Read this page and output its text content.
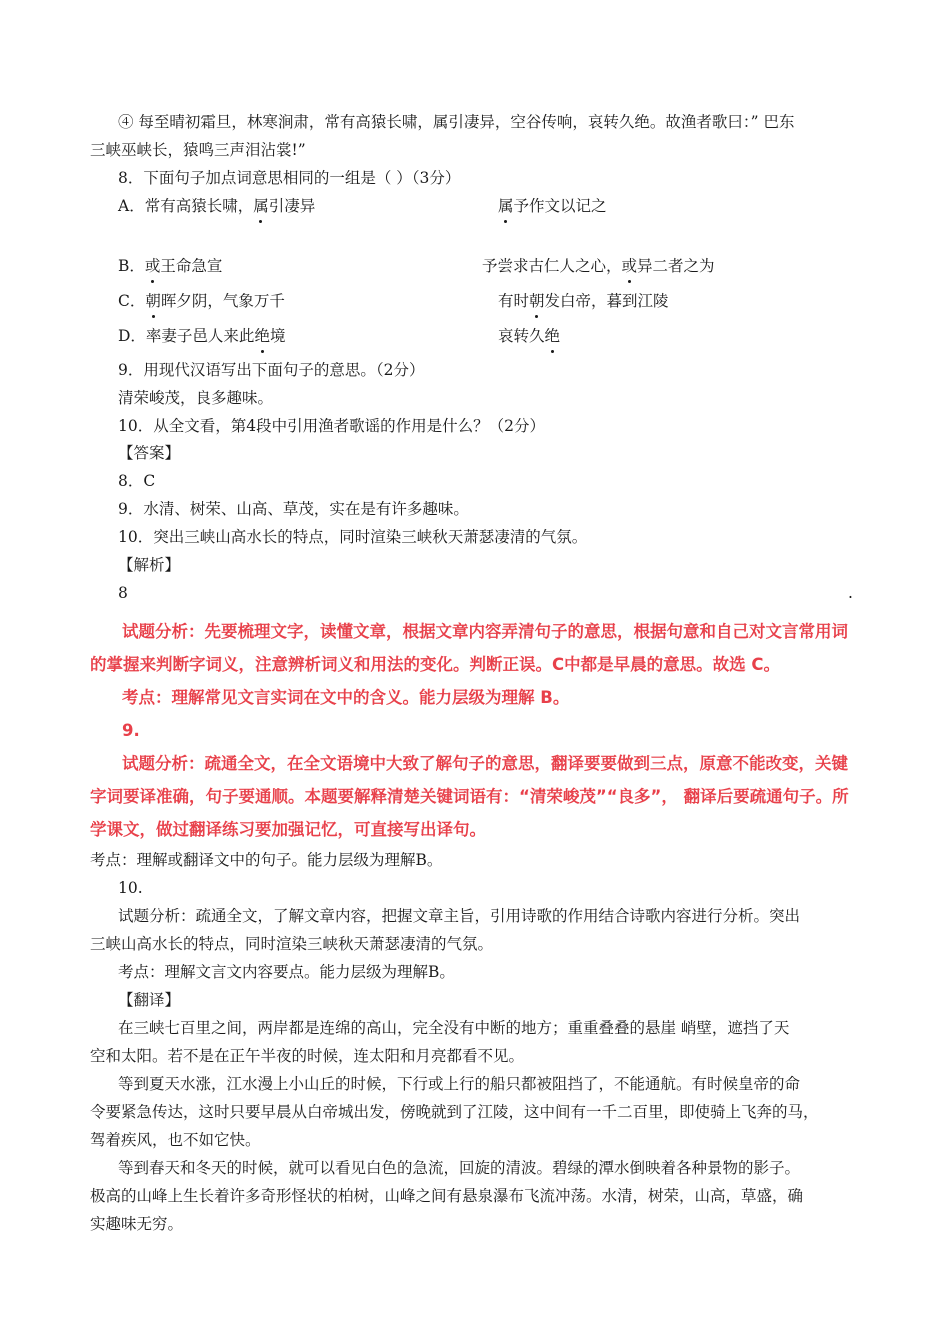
④ 每至晴初霜旦，林寒涧肃，常有高猿长啸，属引凄异，空谷传响，哀转久绝。故渔者歌曰：” 巴东
三峡巫峡长，猿鸣三声泪沾裳!”
8．下面句子加点词意思相同的一组是（ ）（3分）
A．常有高猿长啸，属引凄异	属予作文以记之
B．或王命急宣	予尝求古仁人之心，或异二者之为
C．朝晖夕阴，气象万千	有时朝发白帝，暮到江陵
D．率妻子邑人来此绝境	哀转久绝
9．用现代汉语写出下面句子的意思。（2分）
清荣峻茂，良多趣味。
10．从全文看，第4段中引用渔者歌谣的作用是什么？（2分）
【答案】
8．C
9．水清、树荣、山高、草茂，实在是有许多趣味。
10．突出三峡山高水长的特点，同时渲染三峡秋天萧瑟凄清的气氛。
【解析】
8	.
试题分析：先要梳理文字，读懂文章，根据文章内容弄清句子的意思，根据句意和自己对文言常用词
的掌握来判断字词义，注意辨析词义和用法的变化。判断正误。C中都是早晨的意思。故选 C。
考点：理解常见文言实词在文中的含义。能力层级为理解 B。
9.
试题分析：疏通全文，在全文语境中大致了解句子的意思，翻译要要做到三点，原意不能改变，关键
字词要译准确，句子要通顺。本题要解释清楚关键词语有：“清荣峻茂”“良多”， 翻译后要疏通句子。所
学课文，做过翻译练习要加强记忆，可直接写出译句。
考点：理解或翻译文中的句子。能力层级为理解B。
10.
试题分析：疏通全文，了解文章内容，把握文章主旨，引用诗歌的作用结合诗歌内容进行分析。突出
三峡山高水长的特点，同时渲染三峡秋天萧瑟凄清的气氛。
考点：理解文言文内容要点。能力层级为理解B。
【翻译】
在三峡七百里之间，两岸都是连绵的高山，完全没有中断的地方；重重叠叠的悬崖 峭壁，遮挡了天
空和太阳。若不是在正午半夜的时候，连太阳和月亮都看不见。
等到夏天水涨，江水漫上小山丘的时候，下行或上行的船只都被阻挡了，不能通航。有时候皇帝的命
令要紧急传达，这时只要早晨从白帝城出发，傍晚就到了江陵，这中间有一千二百里，即使骑上飞奔的马，
驾着疾风，也不如它快。
等到春天和冬天的时候，就可以看见白色的急流，回旋的清波。碧绿的潭水倒映着各种景物的影子。
极高的山峰上生长着许多奇形怪状的柏树，山峰之间有悬泉瀑布飞流冲荡。水清，树荣，山高，草盛，确
实趣味无穷。
